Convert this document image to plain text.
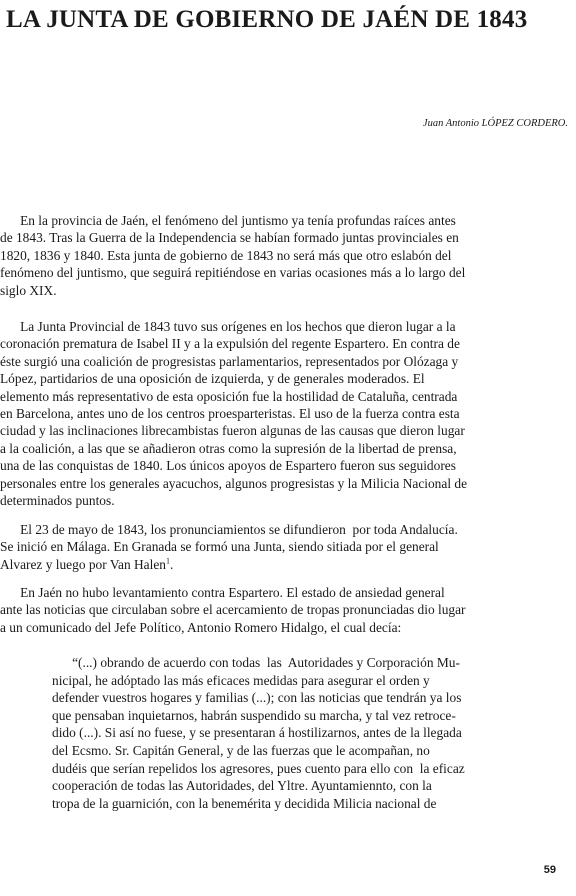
LA JUNTA DE GOBIERNO DE JAÉN DE 1843
Juan Antonio LÓPEZ CORDERO.
En la provincia de Jaén, el fenómeno del juntismo ya tenía profundas raíces antes
de 1843. Tras la Guerra de la Independencia se habían formado juntas provinciales en
1820, 1836 y 1840. Esta junta de gobierno de 1843 no será más que otro eslabón del
fenómeno del juntismo, que seguirá repitiéndose en varias ocasiones más a lo largo del
siglo XIX.
La Junta Provincial de 1843 tuvo sus orígenes en los hechos que dieron lugar a la
coronación prematura de Isabel II y a la expulsión del regente Espartero. En contra de
éste surgió una coalición de progresistas parlamentarios, representados por Olózaga y
López, partidarios de una oposición de izquierda, y de generales moderados. El
elemento más representativo de esta oposición fue la hostilidad de Cataluña, centrada
en Barcelona, antes uno de los centros proesparteristas. El uso de la fuerza contra esta
ciudad y las inclinaciones librecambistas fueron algunas de las causas que dieron lugar
a la coalición, a las que se añadieron otras como la supresión de la libertad de prensa,
una de las conquistas de 1840. Los únicos apoyos de Espartero fueron sus seguidores
personales entre los generales ayacuchos, algunos progresistas y la Milicia Nacional de
determinados puntos.
El 23 de mayo de 1843, los pronunciamientos se difundieron  por toda Andalucía.
Se inició en Málaga. En Granada se formó una Junta, siendo sitiada por el general
Alvarez y luego por Van Halen$^1$.
En Jaén no hubo levantamiento contra Espartero. El estado de ansiedad general
ante las noticias que circulaban sobre el acercamiento de tropas pronunciadas dio lugar
a un comunicado del Jefe Político, Antonio Romero Hidalgo, el cual decía:
“(...) obrando de acuerdo con todas  las  Autoridades y Corporación Mu-
nicipal, he adóptado las más eficaces medidas para asegurar el orden y
defender vuestros hogares y familias (...); con las noticias que tendrán ya los
que pensaban inquietarnos, habrán suspendido su marcha, y tal vez retroce-
dido (...). Si así no fuese, y se presentaran á hostilizarnos, antes de la llegada
del Ecsmo. Sr. Capitán General, y de las fuerzas que le acompañan, no
dudéis que serían repelidos los agresores, pues cuento para ello con  la eficaz
cooperación de todas las Autoridades, del Yltre. Ayuntamiennto, con la
tropa de la guarnición, con la benemérita y decidida Milicia nacional de
59
